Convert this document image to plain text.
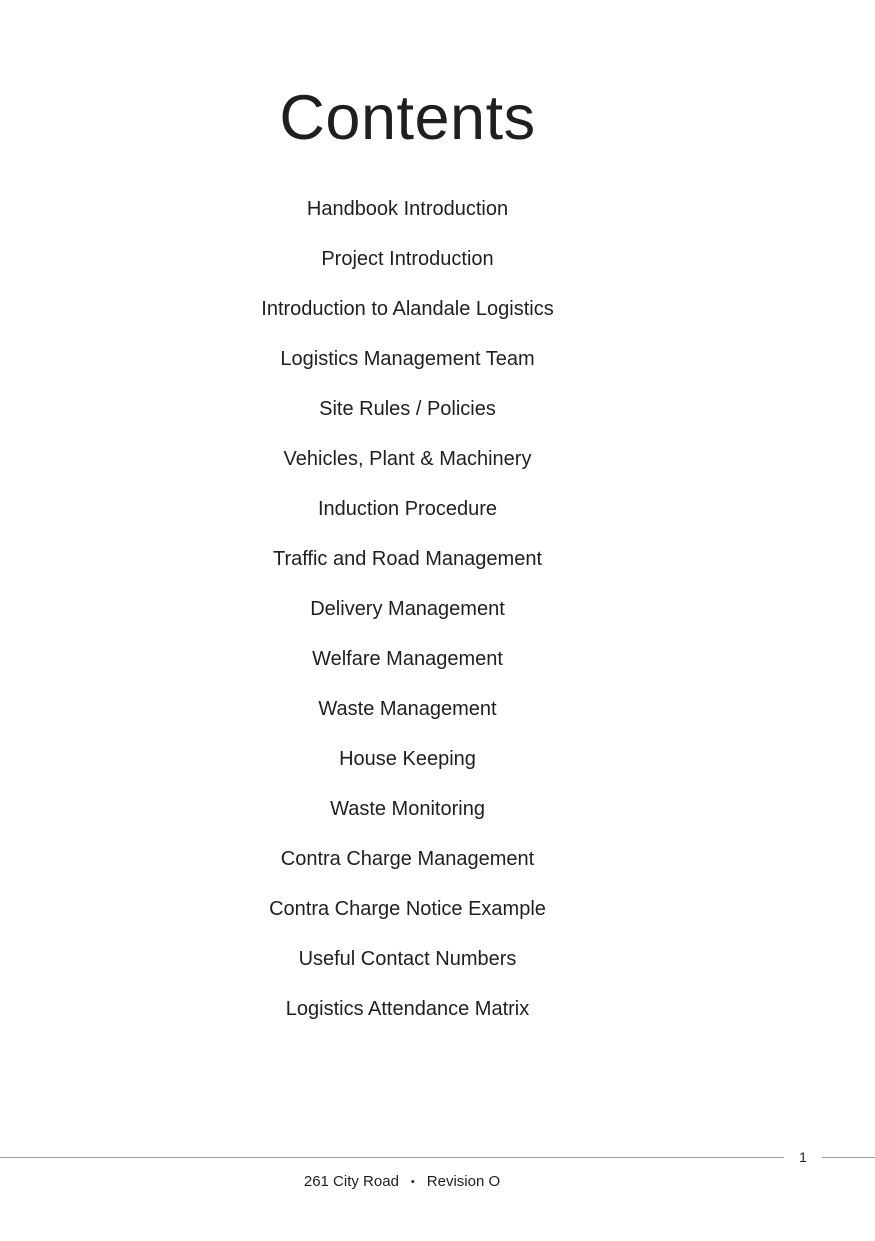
Contents
Handbook Introduction
Project Introduction
Introduction to Alandale Logistics
Logistics Management Team
Site Rules / Policies
Vehicles, Plant & Machinery
Induction Procedure
Traffic and Road Management
Delivery Management
Welfare Management
Waste Management
House Keeping
Waste Monitoring
Contra Charge Management
Contra Charge Notice Example
Useful Contact Numbers
Logistics Attendance Matrix
1
261 City Road • Revision O
